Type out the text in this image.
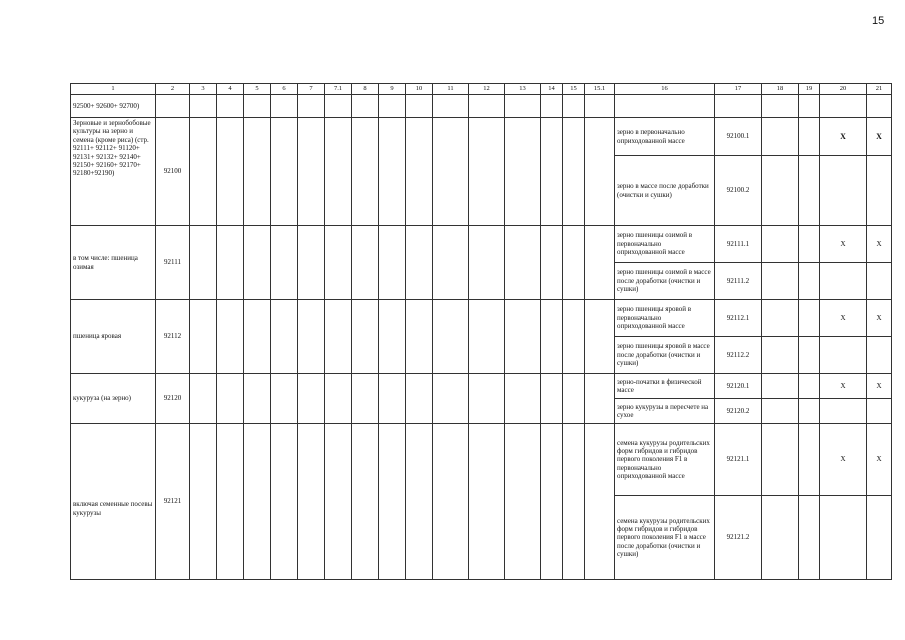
15
1	2	3	4	5	6	7	7.1	8	9	10	11	12	13	14	15	15.1	16	17	18	19	20	21
92500+ 92600+ 92700)																						
Зерновые и зернобобовые культуры на зерно и семена (кроме риса) (стр. 92111+ 92112+ 91120+ 92131+ 92132+ 92140+ 92150+ 92160+ 92170+ 92180+92190)	92100																зерно в первоначально оприходованной массе	92100.1			X	X
																	зерно в массе после доработки (очистки и сушки)	92100.2				
в том числе: пшеница озимая	92111																зерно пшеницы озимой в первоначально оприходованной массе	92111.1			X	X
																	зерно пшеницы озимой в массе после доработки (очистки и сушки)	92111.2				
пшеница яровая	92112																зерно пшеницы яровой в первоначально оприходованной массе	92112.1			X	X
																	зерно пшеницы яровой в массе после доработки (очистки и сушки)	92112.2				
кукуруза (на зерно)	92120																зерно-початки в физической массе	92120.1			X	X
																	зерно кукурузы в пересчете на сухое	92120.2				
включая семенные посевы кукурузы	92121																семена кукурузы родительских форм гибридов и гибридов первого поколения F1 в первоначально оприходованной массе	92121.1			X	X
																	семена кукурузы родительских форм гибридов и гибридов первого поколения F1 в массе после доработки (очистки и сушки)	92121.2				
